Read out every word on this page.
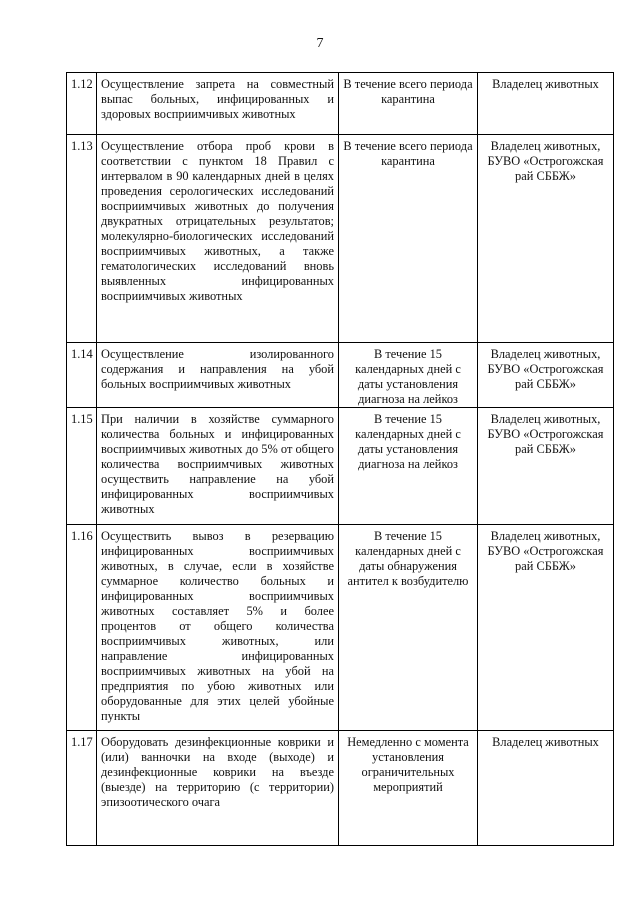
7
1.12	Осуществление запрета на совместный выпас больных, инфицированных и здоровых восприимчивых животных	В течение всего периода карантина	Владелец животных
1.13	Осуществление отбора проб крови в соответствии с пунктом 18 Правил с интервалом в 90 календарных дней в целях проведения серологических исследований восприимчивых животных до получения двукратных отрицательных результатов; молекулярно-биологических исследований восприимчивых животных, а также гематологических исследований вновь выявленных инфицированных восприимчивых животных	В течение всего периода карантина	Владелец животных, БУВО «Острогожская рай СББЖ»
1.14	Осуществление изолированного содержания и направления на убой больных восприимчивых животных	В течение 15 календарных дней с даты установления диагноза на лейкоз	Владелец животных, БУВО «Острогожская рай СББЖ»
1.15	При наличии в хозяйстве суммарного количества больных и инфицированных восприимчивых животных до 5% от общего количества восприимчивых животных осуществить направление на убой инфицированных восприимчивых животных	В течение 15 календарных дней с даты установления диагноза на лейкоз	Владелец животных, БУВО «Острогожская рай СББЖ»
1.16	Осуществить вывоз в резервацию инфицированных восприимчивых животных, в случае, если в хозяйстве суммарное количество больных и инфицированных восприимчивых животных составляет 5% и более процентов от общего количества восприимчивых животных, или направление инфицированных восприимчивых животных на убой на предприятия по убою животных или оборудованные для этих целей убойные пункты	В течение 15 календарных дней с даты обнаружения антител к возбудителю	Владелец животных, БУВО «Острогожская рай СББЖ»
1.17	Оборудовать дезинфекционные коврики и (или) ванночки на входе (выходе) и дезинфекционные коврики на въезде (выезде) на территорию (с территории) эпизоотического очага	Немедленно с момента установления ограничительных мероприятий	Владелец животных
